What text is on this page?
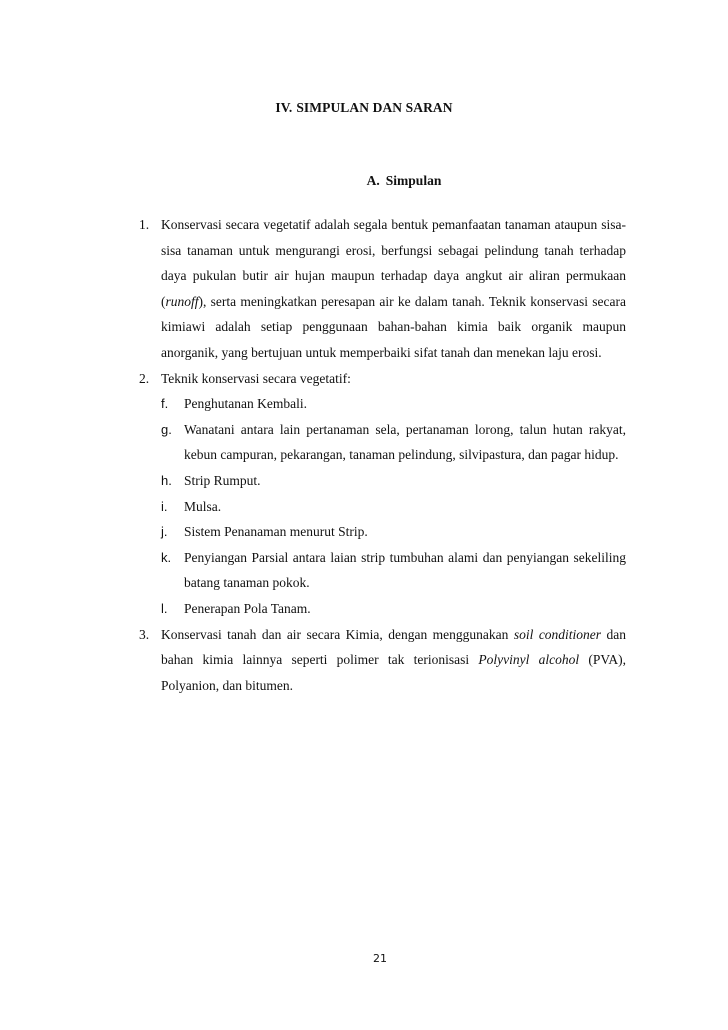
IV. SIMPULAN DAN SARAN
A. Simpulan
1. Konservasi secara vegetatif adalah segala bentuk pemanfaatan tanaman ataupun sisa-sisa tanaman untuk mengurangi erosi, berfungsi sebagai pelindung tanah terhadap daya pukulan butir air hujan maupun terhadap daya angkut air aliran permukaan (runoff), serta meningkatkan peresapan air ke dalam tanah. Teknik konservasi secara kimiawi adalah setiap penggunaan bahan-bahan kimia baik organik maupun anorganik, yang bertujuan untuk memperbaiki sifat tanah dan menekan laju erosi.
2. Teknik konservasi secara vegetatif:
f. Penghutanan Kembali.
g. Wanatani antara lain pertanaman sela, pertanaman lorong, talun hutan rakyat, kebun campuran, pekarangan, tanaman pelindung, silvipastura, dan pagar hidup.
h. Strip Rumput.
i. Mulsa.
j. Sistem Penanaman menurut Strip.
k. Penyiangan Parsial antara laian strip tumbuhan alami dan penyiangan sekeliling batang tanaman pokok.
l. Penerapan Pola Tanam.
3. Konservasi tanah dan air secara Kimia, dengan menggunakan soil conditioner dan bahan kimia lainnya seperti polimer tak terionisasi Polyvinyl alcohol (PVA), Polyanion, dan bitumen.
21
